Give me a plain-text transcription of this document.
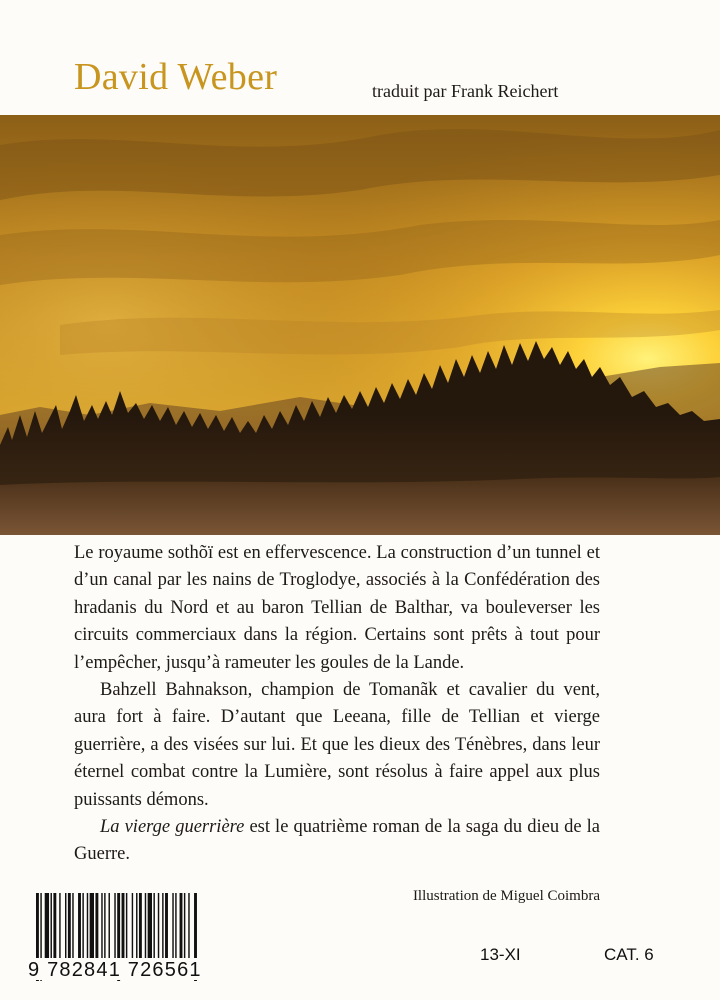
David Weber	traduit par Frank Reichert

Le royaume sothõï est en effervescence. La construction d’un tunnel et d’un canal par les nains de Troglodye, associés à la Confédération des hradanis du Nord et au baron Tellian de Balthar, va bouleverser les circuits commerciaux dans la région. Certains sont prêts à tout pour l’empêcher, jusqu’à rameuter les goules de la Lande.

Bahzell Bahnakson, champion de Tomanãk et cavalier du vent, aura fort à faire. D’autant que Leeana, fille de Tellian et vierge guerrière, a des visées sur lui. Et que les dieux des Ténèbres, dans leur éternel combat contre la Lumière, sont résolus à faire appel aux plus puissants démons.

La vierge guerrière est le quatrième roman de la saga du dieu de la Guerre.

Illustration de Miguel Coimbra
9 782841 726561
13-XI	CAT. 6
